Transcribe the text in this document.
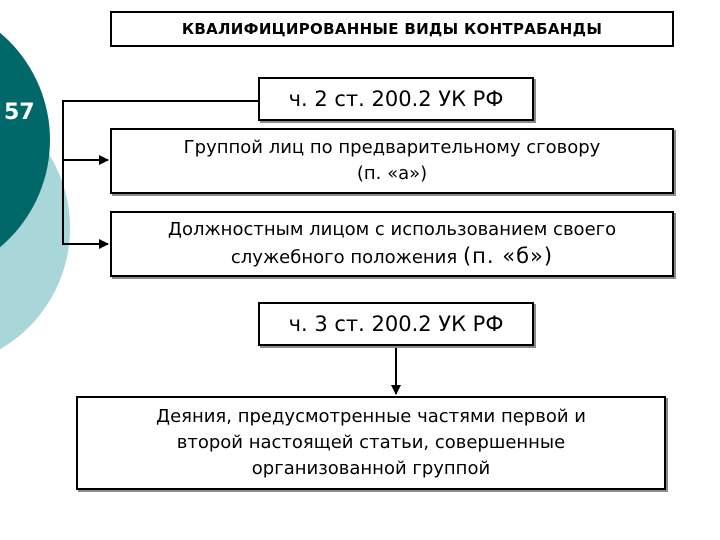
57
КВАЛИФИЦИРОВАННЫЕ ВИДЫ КОНТРАБАНДЫ
ч. 2 ст. 200.2 УК РФ
Группой лиц по предварительному сговору
(п. «а»)
Должностным лицом с использованием своего служебного положения (п. «б»)
ч. 3 ст. 200.2 УК РФ
Деяния, предусмотренные частями первой и
второй настоящей статьи, совершенные
организованной группой
